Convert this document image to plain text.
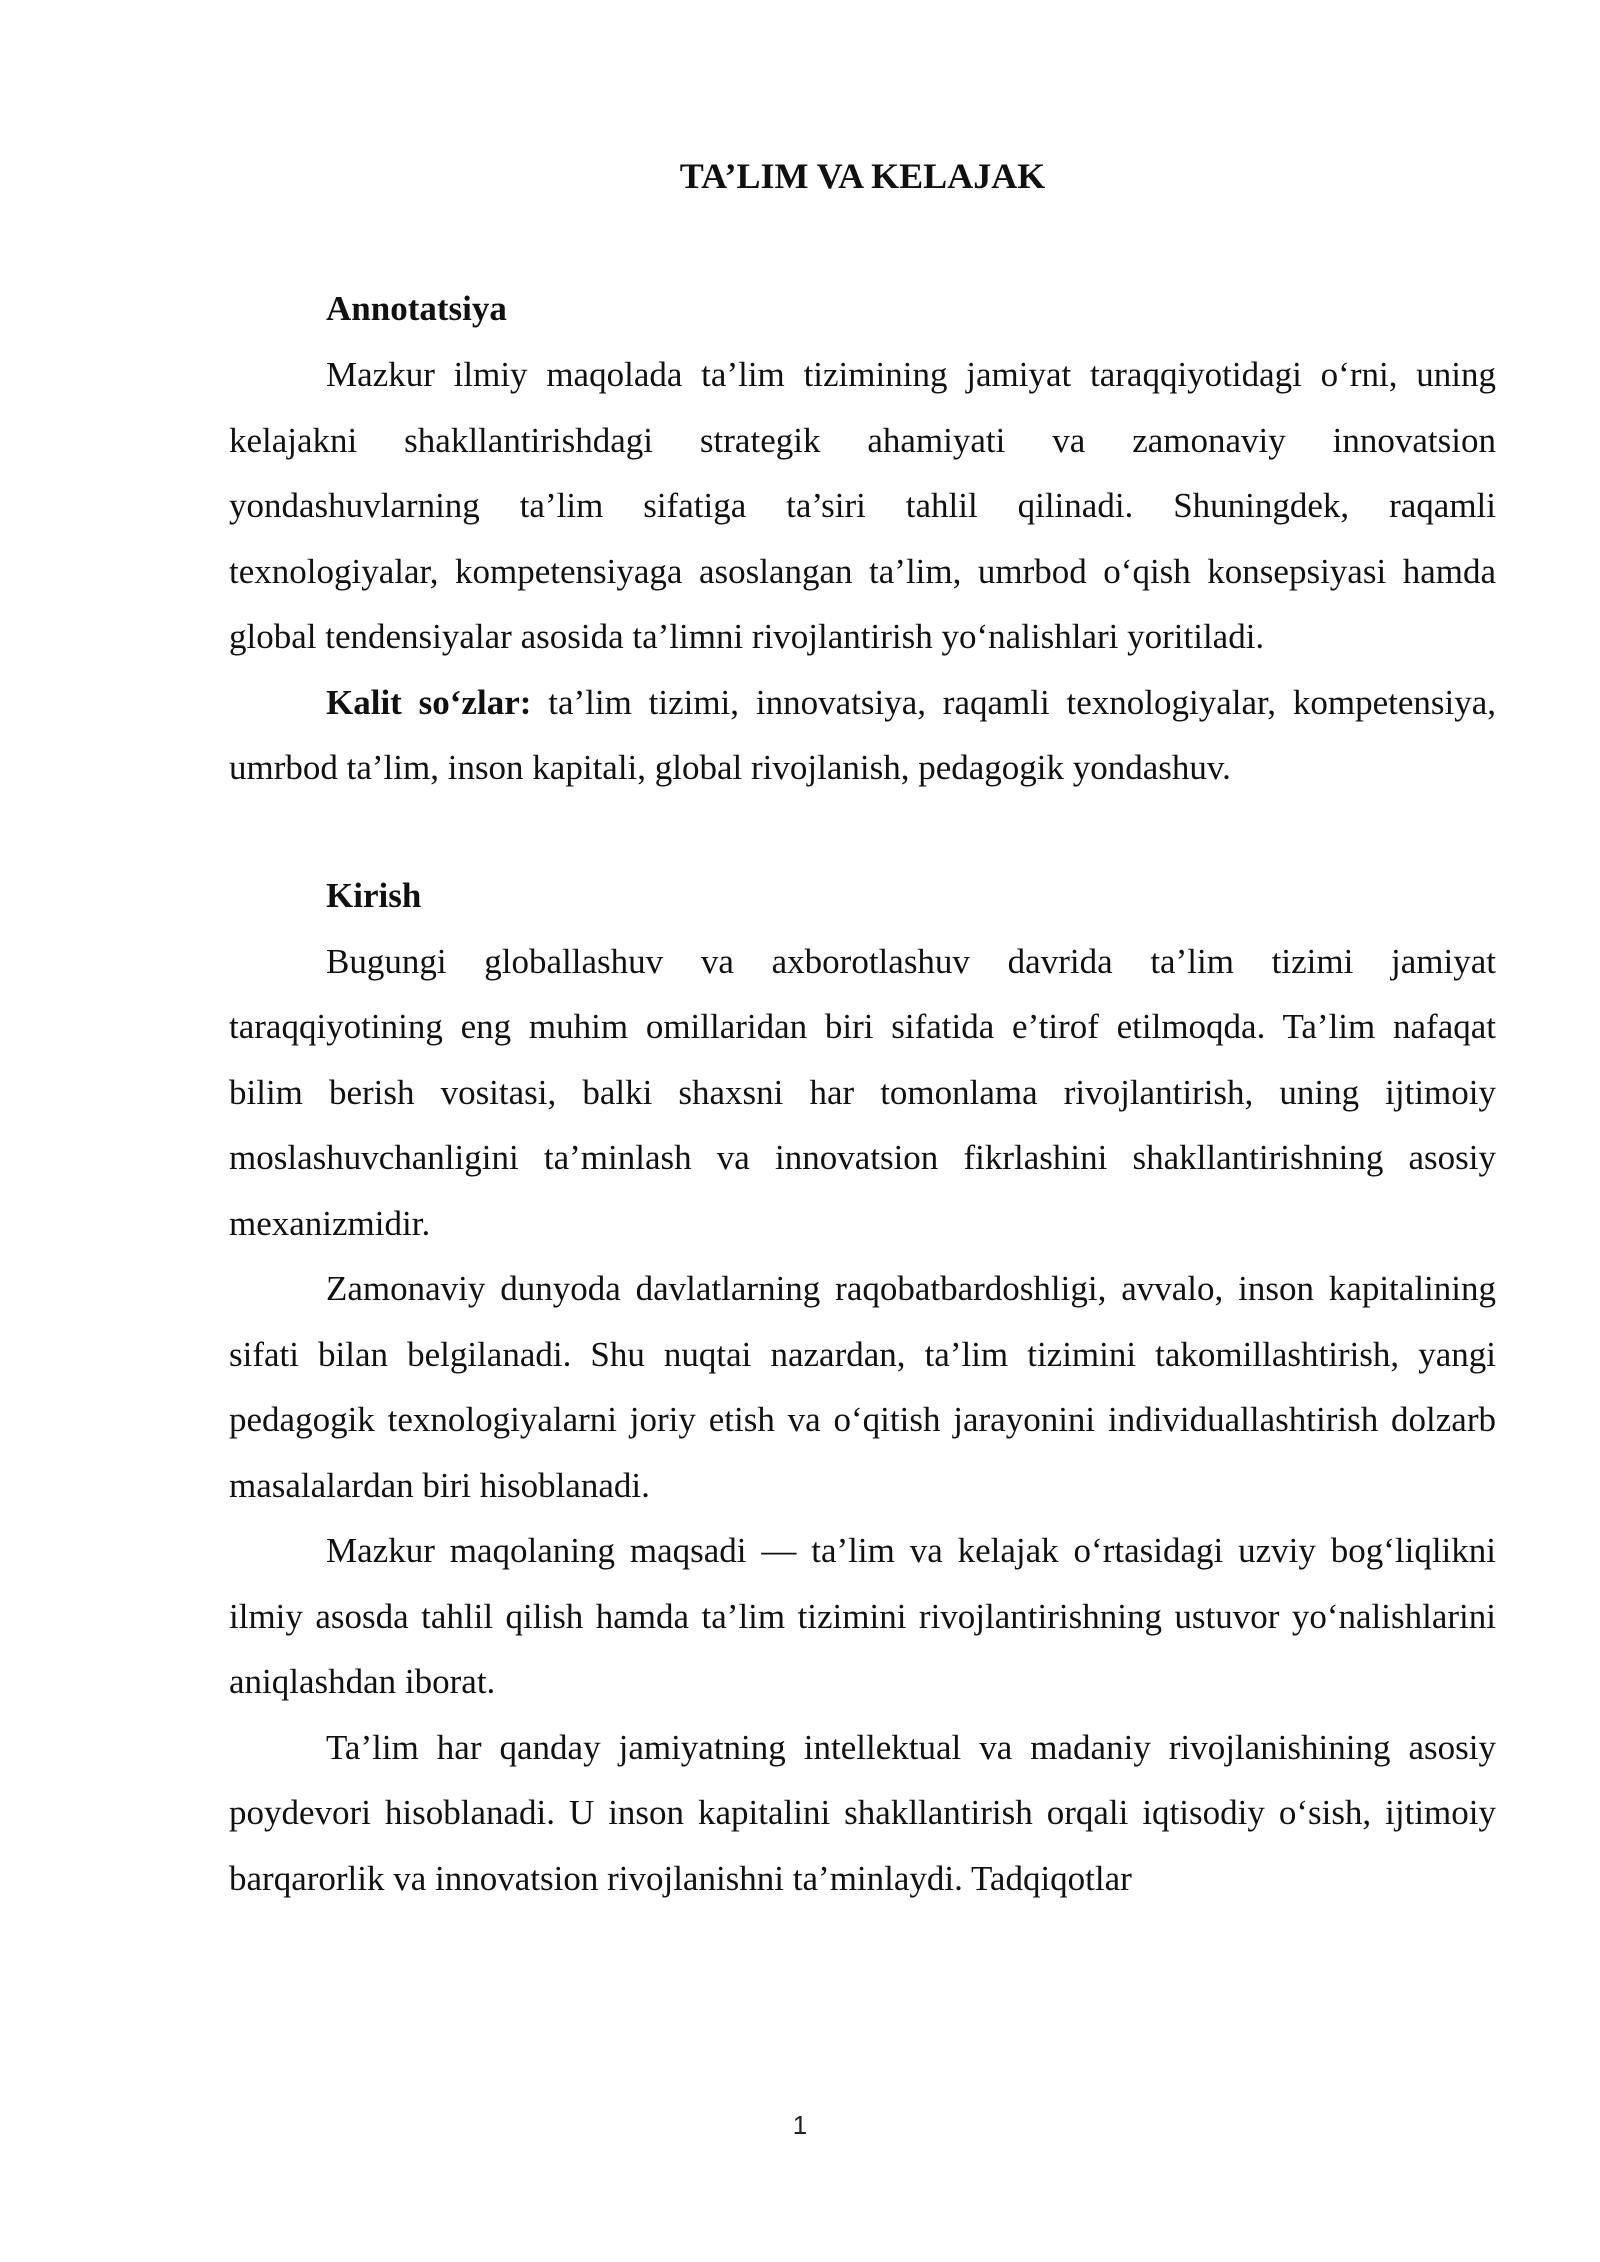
TA’LIM VA KELAJAK
Annotatsiya

Mazkur ilmiy maqolada ta’lim tizimining jamiyat taraqqiyotidagi o‘rni, uning kelajakni shakllantirishdagi strategik ahamiyati va zamonaviy innovatsion yondashuvlarning ta’lim sifatiga ta’siri tahlil qilinadi. Shuningdek, raqamli texnologiyalar, kompetensiyaga asoslangan ta’lim, umrbod o‘qish konsepsiyasi hamda global tendensiyalar asosida ta’limni rivojlantirish yo‘nalishlari yoritiladi.

Kalit so‘zlar: ta’lim tizimi, innovatsiya, raqamli texnologiyalar, kompetensiya, umrbod ta’lim, inson kapitali, global rivojlanish, pedagogik yondashuv.

Kirish

Bugungi globallashuv va axborotlashuv davrida ta’lim tizimi jamiyat taraqqiyotining eng muhim omillaridan biri sifatida e’tirof etilmoqda. Ta’lim nafaqat bilim berish vositasi, balki shaxsni har tomonlama rivojlantirish, uning ijtimoiy moslashuvchanligini ta’minlash va innovatsion fikrlashini shakllantirishning asosiy mexanizmidir.

Zamonaviy dunyoda davlatlarning raqobatbardoshligi, avvalo, inson kapitalining sifati bilan belgilanadi. Shu nuqtai nazardan, ta’lim tizimini takomillashtirish, yangi pedagogik texnologiyalarni joriy etish va o‘qitish jarayonini individuallashtirish dolzarb masalalardan biri hisoblanadi.

Mazkur maqolaning maqsadi — ta’lim va kelajak o‘rtasidagi uzviy bog‘liqlikni ilmiy asosda tahlil qilish hamda ta’lim tizimini rivojlantirishning ustuvor yo‘nalishlarini aniqlashdan iborat.

Ta’lim har qanday jamiyatning intellektual va madaniy rivojlanishining asosiy poydevori hisoblanadi. U inson kapitalini shakllantirish orqali iqtisodiy o‘sish, ijtimoiy barqarorlik va innovatsion rivojlanishni ta’minlaydi. Tadqiqotlar

1
